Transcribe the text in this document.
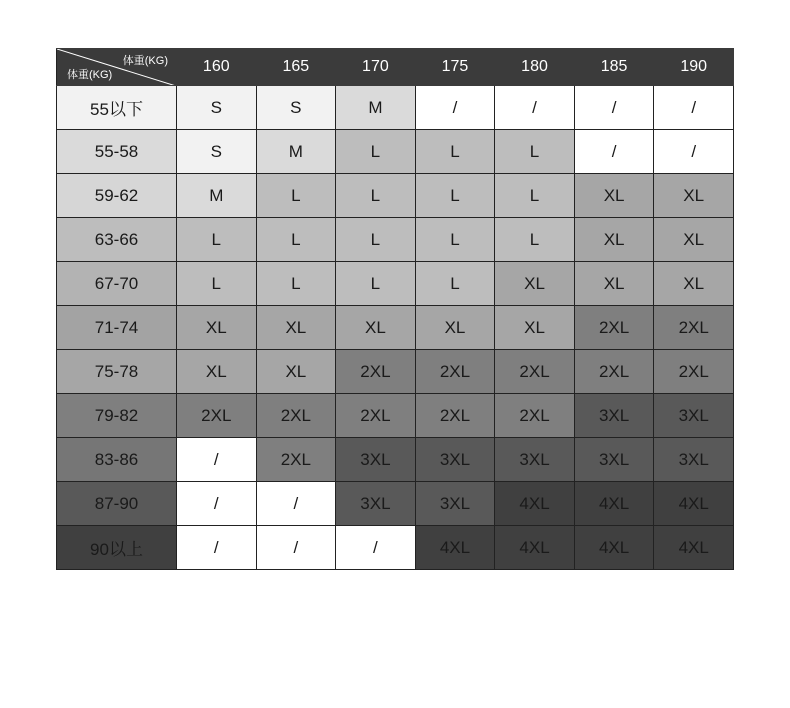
体重(KG)
体重(KG)	160	165	170	175	180	185	190
55以下	S	S	M	/	/	/	/
55-58	S	M	L	L	L	/	/
59-62	M	L	L	L	L	XL	XL
63-66	L	L	L	L	L	XL	XL
67-70	L	L	L	L	XL	XL	XL
71-74	XL	XL	XL	XL	XL	2XL	2XL
75-78	XL	XL	2XL	2XL	2XL	2XL	2XL
79-82	2XL	2XL	2XL	2XL	2XL	3XL	3XL
83-86	/	2XL	3XL	3XL	3XL	3XL	3XL
87-90	/	/	3XL	3XL	4XL	4XL	4XL
90以上	/	/	/	4XL	4XL	4XL	4XL
